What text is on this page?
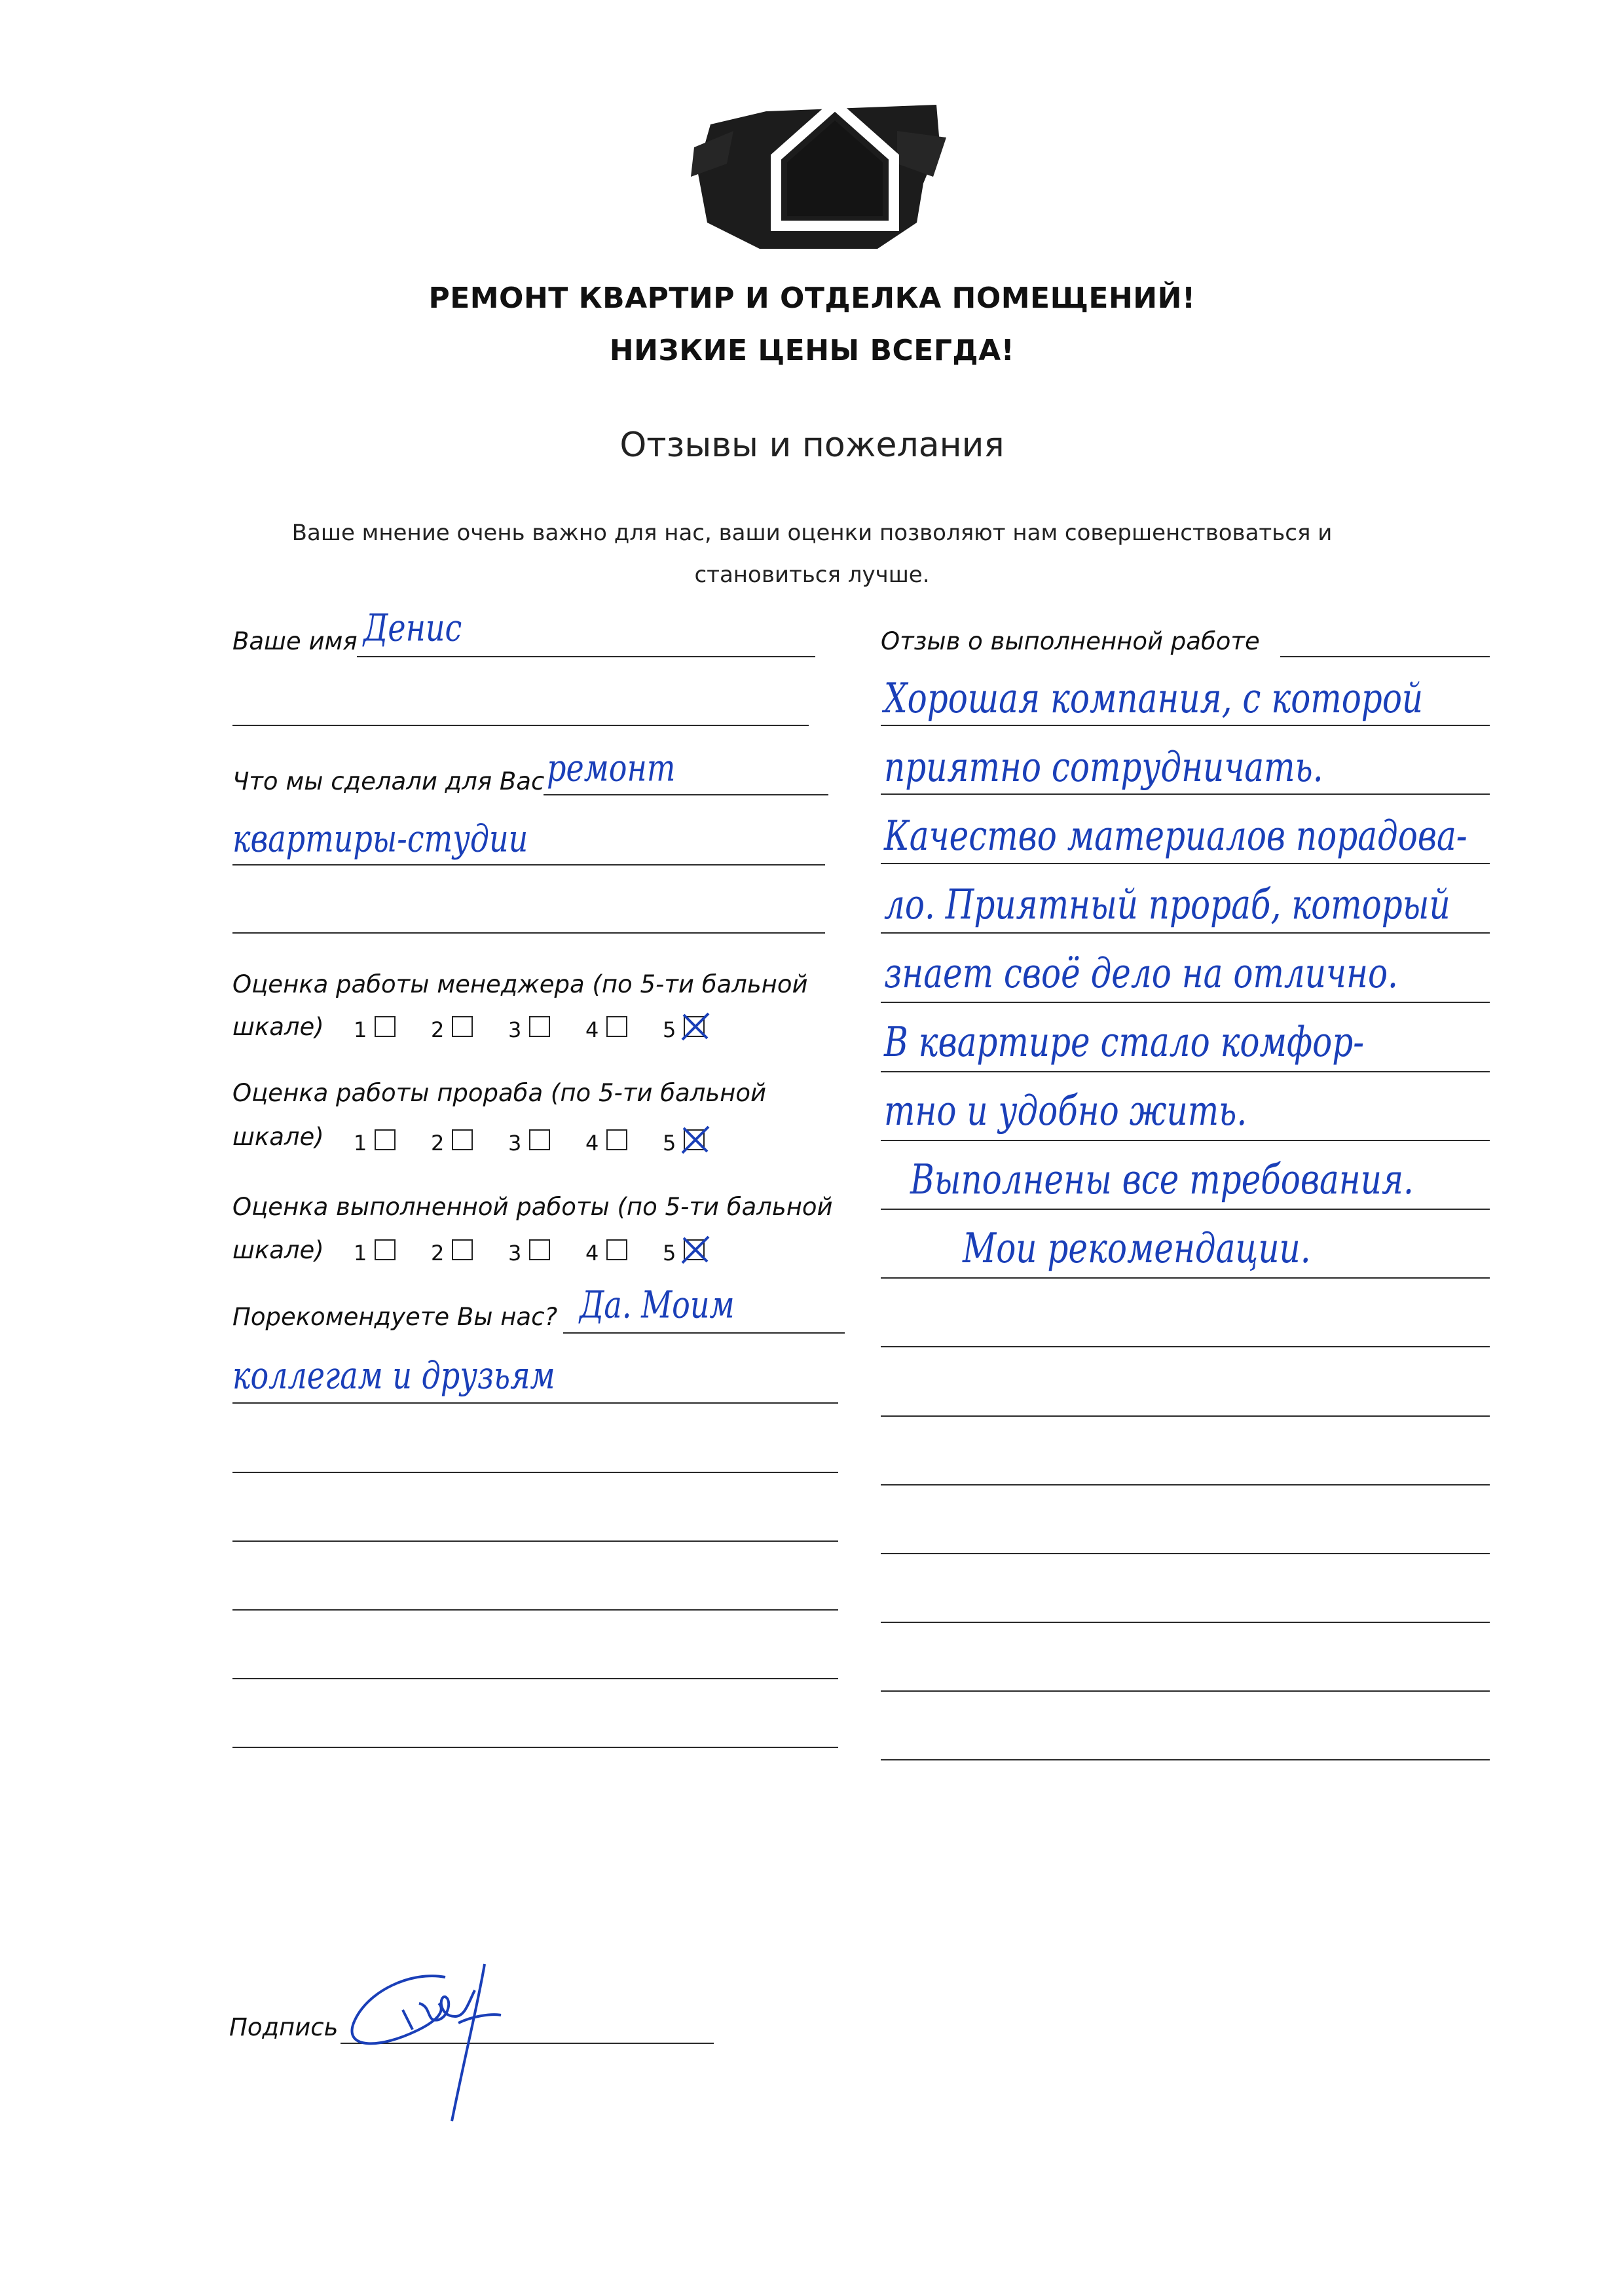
РЕМОНТ КВАРТИР И ОТДЕЛКА ПОМЕЩЕНИЙ!
НИЗКИЕ ЦЕНЫ ВСЕГДА!
Отзывы и пожелания
Ваше мнение очень важно для нас, ваши оценки позволяют нам совершенствоваться и
становиться лучше.
Ваше имя Денис
Что мы сделали для Вас ремонт
квартиры-студии
Оценка работы менеджера (по 5-ти бальной
шкале) 1	2	3	4	5
Оценка работы прораба (по 5-ти бальной
шкале) 1	2	3	4	5
Оценка выполненной работы (по 5-ти бальной
шкале) 1	2	3	4	5
Порекомендуете Вы нас? Да. Моим
коллегам и друзьям
Отзыв о выполненной работе
Хорошая компания, с которой
приятно сотрудничать.
Качество материалов порадова-
ло. Приятный прораб, который
знает своё дело на отлично.
В квартире стало комфор-
тно и удобно жить.
Выполнены все требования.
Мои рекомендации.
Подпись
